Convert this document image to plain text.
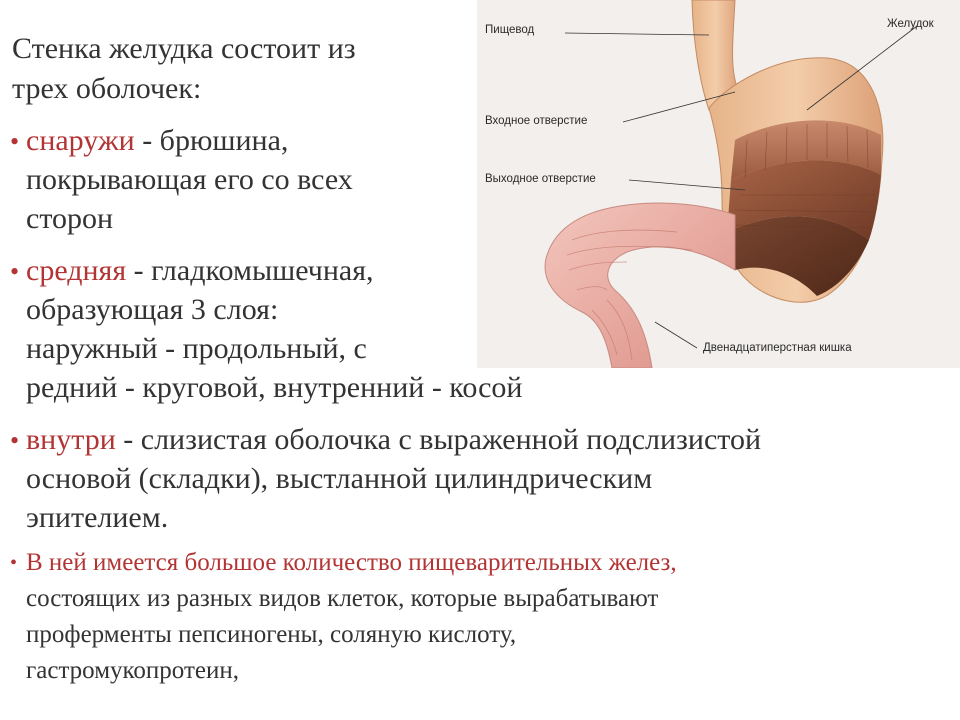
Пищевод	Желудок
Входное отверстие
Выходное отверстие
Двенадцатиперстная кишка
Стенка желудка состоит из
трех оболочек:
• снаружи - брюшина,
покрывающая его со всех
сторон
• средняя - гладкомышечная,
образующая 3 слоя:
наружный - продольный, с
редний - круговой, внутренний - косой
• внутри - слизистая оболочка с выраженной подслизистой
основой (складки), выстланной цилиндрическим
эпителием.
• В ней имеется большое количество пищеварительных желез,
состоящих из разных видов клеток, которые вырабатывают
проферменты пепсиногены, соляную кислоту,
гастромукопротеин,
